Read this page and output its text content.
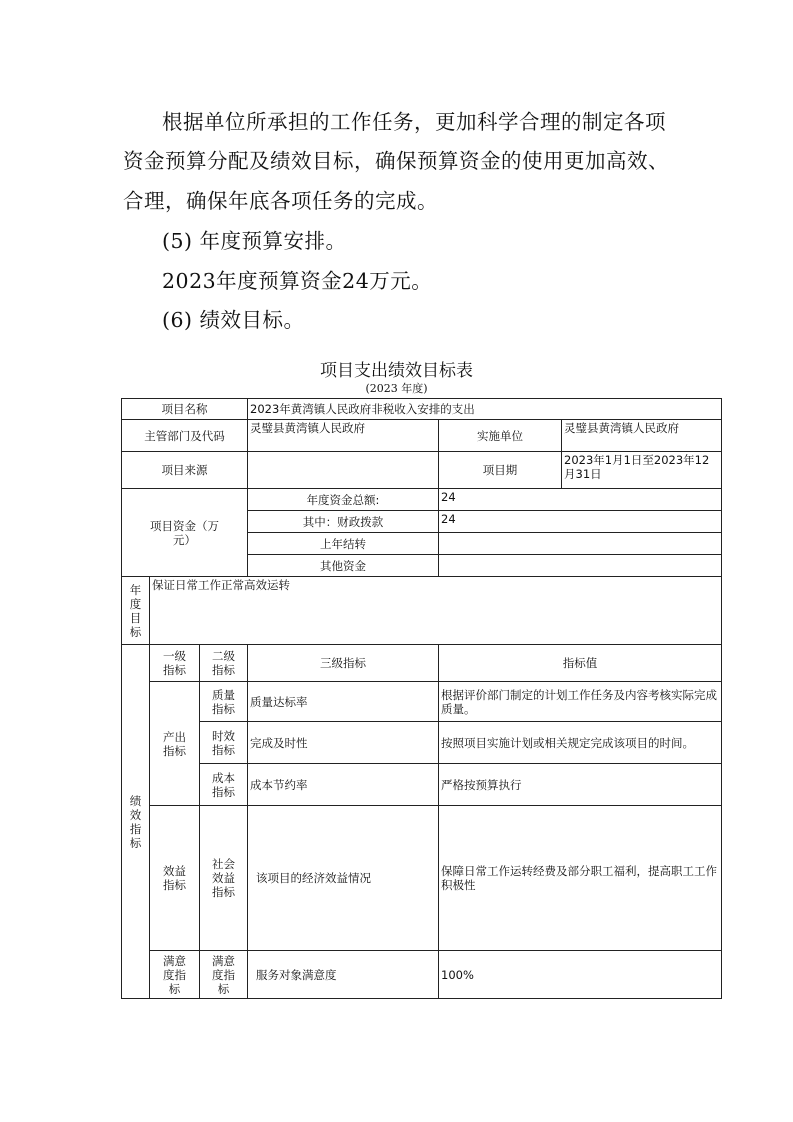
根据单位所承担的工作任务，更加科学合理的制定各项

资金预算分配及绩效目标，确保预算资金的使用更加高效、

合理，确保年底各项任务的完成。

(5) 年度预算安排。

2023年度预算资金24万元。

(6) 绩效目标。

项目支出绩效目标表
(2023 年度)
项目名称			2023年黄湾镇人民政府非税收入安排的支出		
主管部门及代码			灵璧县黄湾镇人民政府	实施单位	灵璧县黄湾镇人民政府
项目来源				项目期	2023年1月1日至2023年12月31日
项目资金（万元）			年度资金总额:	24	
			其中：财政拨款	24	
			上年结转		
			其他资金		
年度目标	保证日常工作正常高效运转				
绩效指标	一级指标	二级指标	三级指标	指标值	
	产出指标	质量指标	质量达标率	根据评价部门制定的计划工作任务及内容考核实际完成质量。	
		时效指标	完成及时性	按照项目实施计划或相关规定完成该项目的时间。	
		成本指标	成本节约率	严格按预算执行	
	效益指标	社会效益指标	该项目的经济效益情况	保障日常工作运转经费及部分职工福利，提高职工工作积极性	
	满意度指标	满意度指标	服务对象满意度	100%	
